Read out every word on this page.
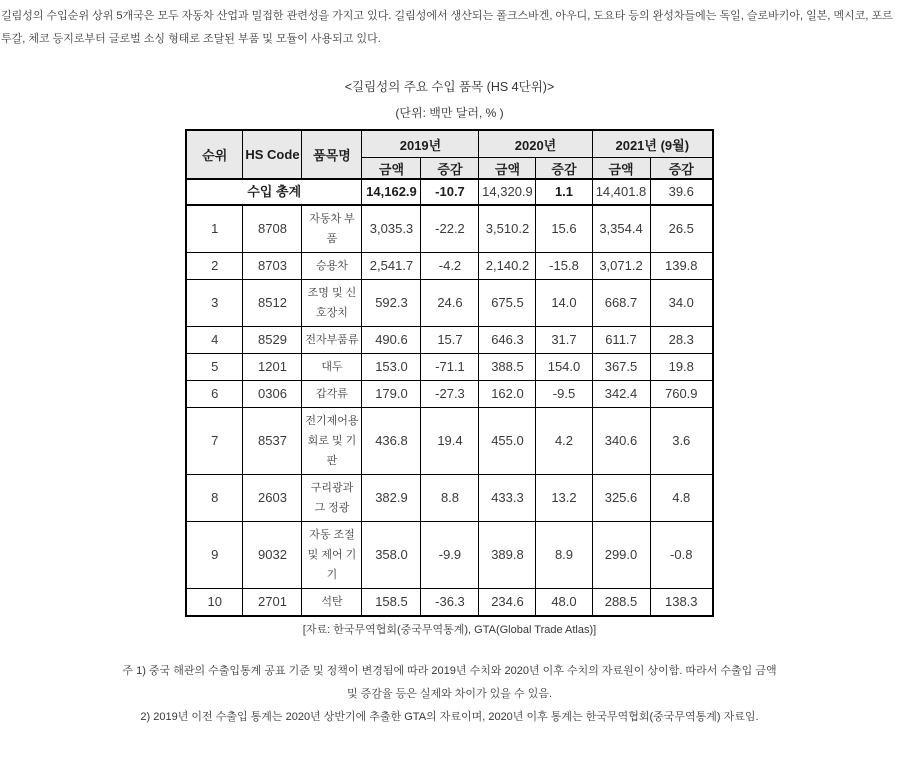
길림성의 수입순위 상위 5개국은 모두 자동차 산업과 밀접한 관련성을 가지고 있다. 길림성에서 생산되는 폴크스바겐, 아우디, 도요타 등의 완성차들에는 독일, 슬로바키아, 일본, 멕시코, 포르투갈, 체코 등지로부터 글로벌 소싱 형태로 조달된 부품 및 모듈이 사용되고 있다.

<길림성의 주요 수입 품목 (HS 4단위)>
(단위: 백만 달러, % )
순위	HS Code	품목명	2019년		2020년		2021년 (9월)	
			금액	증감	금액	증감	금액	증감
수입 총계			14,162.9	-10.7	14,320.9	1.1	14,401.8	39.6
1	8708	자동차 부품	3,035.3	-22.2	3,510.2	15.6	3,354.4	26.5
2	8703	승용차	2,541.7	-4.2	2,140.2	-15.8	3,071.2	139.8
3	8512	조명 및 신호장치	592.3	24.6	675.5	14.0	668.7	34.0
4	8529	전자부품류	490.6	15.7	646.3	31.7	611.7	28.3
5	1201	대두	153.0	-71.1	388.5	154.0	367.5	19.8
6	0306	갑각류	179.0	-27.3	162.0	-9.5	342.4	760.9
7	8537	전기제어용 회로 및 기판	436.8	19.4	455.0	4.2	340.6	3.6
8	2603	구리광과 그 정광	382.9	8.8	433.3	13.2	325.6	4.8
9	9032	자동 조절 및 제어 기기	358.0	-9.9	389.8	8.9	299.0	-0.8
10	2701	석탄	158.5	-36.3	234.6	48.0	288.5	138.3
[자료: 한국무역협회(중국무역통계), GTA(Global Trade Atlas)]
주 1) 중국 해관의 수출입통계 공표 기준 및 정책이 변경됨에 따라 2019년 수치와 2020년 이후 수치의 자료원이 상이함. 따라서 수출입 금액 및 증감율 등은 실제와 차이가 있을 수 있음.
2) 2019년 이전 수출입 통계는 2020년 상반기에 추출한 GTA의 자료이며, 2020년 이후 통계는 한국무역협회(중국무역통계) 자료임.
